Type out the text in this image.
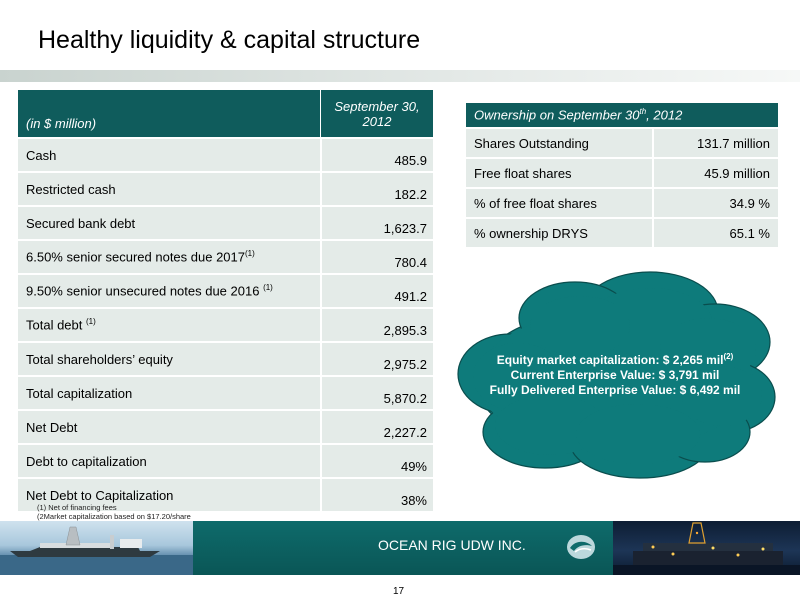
Healthy liquidity & capital structure
(in $ million)	September 30, 2012
Cash	485.9
Restricted cash	182.2
Secured bank debt	1,623.7
6.50% senior secured notes due 2017$^{(1)}$	780.4
9.50% senior unsecured notes due 2016 $^{(1)}$	491.2
Total debt $^{(1)}$	2,895.3
Total shareholders’ equity	2,975.2
Total capitalization	5,870.2
Net Debt	2,227.2
Debt to capitalization	49%
Net Debt to Capitalization	38%
Ownership on September 30th, 2012	
Shares Outstanding	131.7 million
Free float shares	45.9 million
% of free float shares	34.9 %
% ownership DRYS	65.1 %
Equity market capitalization: $ 2,265 mil$^{(2)}$
Current Enterprise Value: $ 3,791 mil
Fully Delivered Enterprise Value: $ 6,492 mil
(1) Net of financing fees
(2Market capitalization based on $17.20/share
OCEAN RIG UDW INC.
17
